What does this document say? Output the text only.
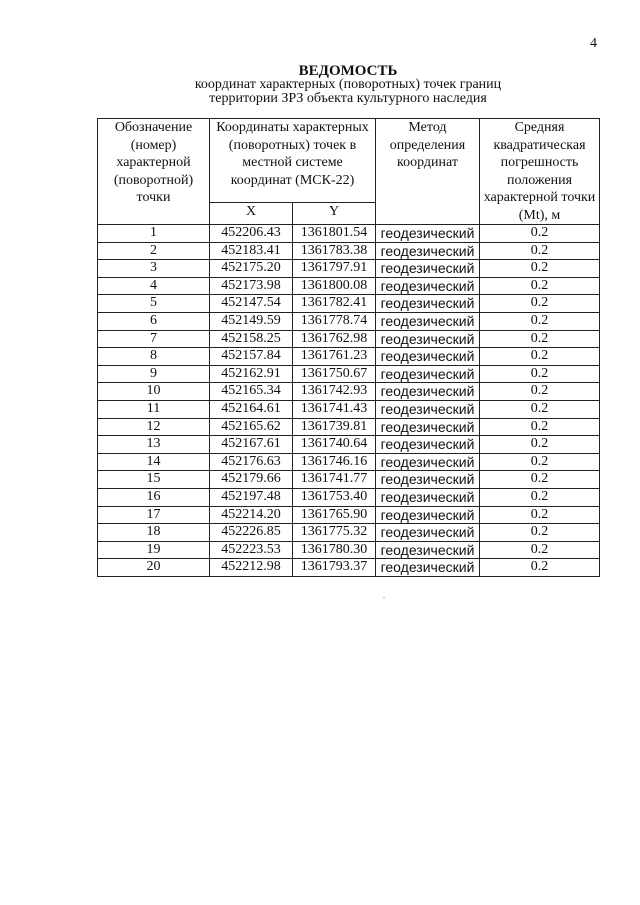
4
ВЕДОМОСТЬ
координат характерных (поворотных) точек границ
территории ЗРЗ объекта культурного наследия
Обозначение (номер) характерной (поворотной) точки	Координаты характерных (поворотных) точек в местной системе координат (МСК-22)		Метод определения координат	Средняя квадратическая погрешность положения характерной точки (Mt), м
	X	Y		
1	452206.43	1361801.54	геодезический	0.2
2	452183.41	1361783.38	геодезический	0.2
3	452175.20	1361797.91	геодезический	0.2
4	452173.98	1361800.08	геодезический	0.2
5	452147.54	1361782.41	геодезический	0.2
6	452149.59	1361778.74	геодезический	0.2
7	452158.25	1361762.98	геодезический	0.2
8	452157.84	1361761.23	геодезический	0.2
9	452162.91	1361750.67	геодезический	0.2
10	452165.34	1361742.93	геодезический	0.2
11	452164.61	1361741.43	геодезический	0.2
12	452165.62	1361739.81	геодезический	0.2
13	452167.61	1361740.64	геодезический	0.2
14	452176.63	1361746.16	геодезический	0.2
15	452179.66	1361741.77	геодезический	0.2
16	452197.48	1361753.40	геодезический	0.2
17	452214.20	1361765.90	геодезический	0.2
18	452226.85	1361775.32	геодезический	0.2
19	452223.53	1361780.30	геодезический	0.2
20	452212.98	1361793.37	геодезический	0.2
